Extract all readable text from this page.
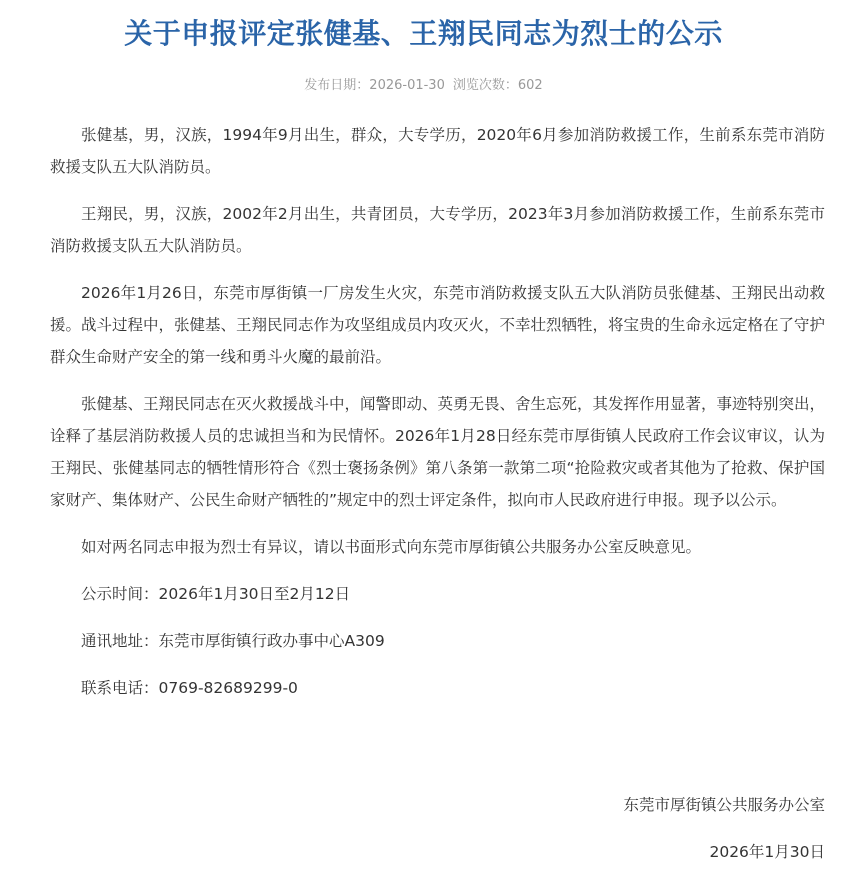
关于申报评定张健基、王翔民同志为烈士的公示
发布日期：2026-01-30 浏览次数：602

张健基，男，汉族，1994年9月出生，群众，大专学历，2020年6月参加消防救援工作，生前系东莞市消防救援支队五大队消防员。

王翔民，男，汉族，2002年2月出生，共青团员，大专学历，2023年3月参加消防救援工作，生前系东莞市消防救援支队五大队消防员。

2026年1月26日，东莞市厚街镇一厂房发生火灾，东莞市消防救援支队五大队消防员张健基、王翔民出动救援。战斗过程中，张健基、王翔民同志作为攻坚组成员内攻灭火，不幸壮烈牺牲，将宝贵的生命永远定格在了守护群众生命财产安全的第一线和勇斗火魔的最前沿。

张健基、王翔民同志在灭火救援战斗中，闻警即动、英勇无畏、舍生忘死，其发挥作用显著，事迹特别突出，诠释了基层消防救援人员的忠诚担当和为民情怀。2026年1月28日经东莞市厚街镇人民政府工作会议审议，认为王翔民、张健基同志的牺牲情形符合《烈士褒扬条例》第八条第一款第二项“抢险救灾或者其他为了抢救、保护国家财产、集体财产、公民生命财产牺牲的”规定中的烈士评定条件，拟向市人民政府进行申报。现予以公示。

如对两名同志申报为烈士有异议，请以书面形式向东莞市厚街镇公共服务办公室反映意见。

公示时间：2026年1月30日至2月12日

通讯地址：东莞市厚街镇行政办事中心A309

联系电话：0769-82689299-0

东莞市厚街镇公共服务办公室
2026年1月30日
